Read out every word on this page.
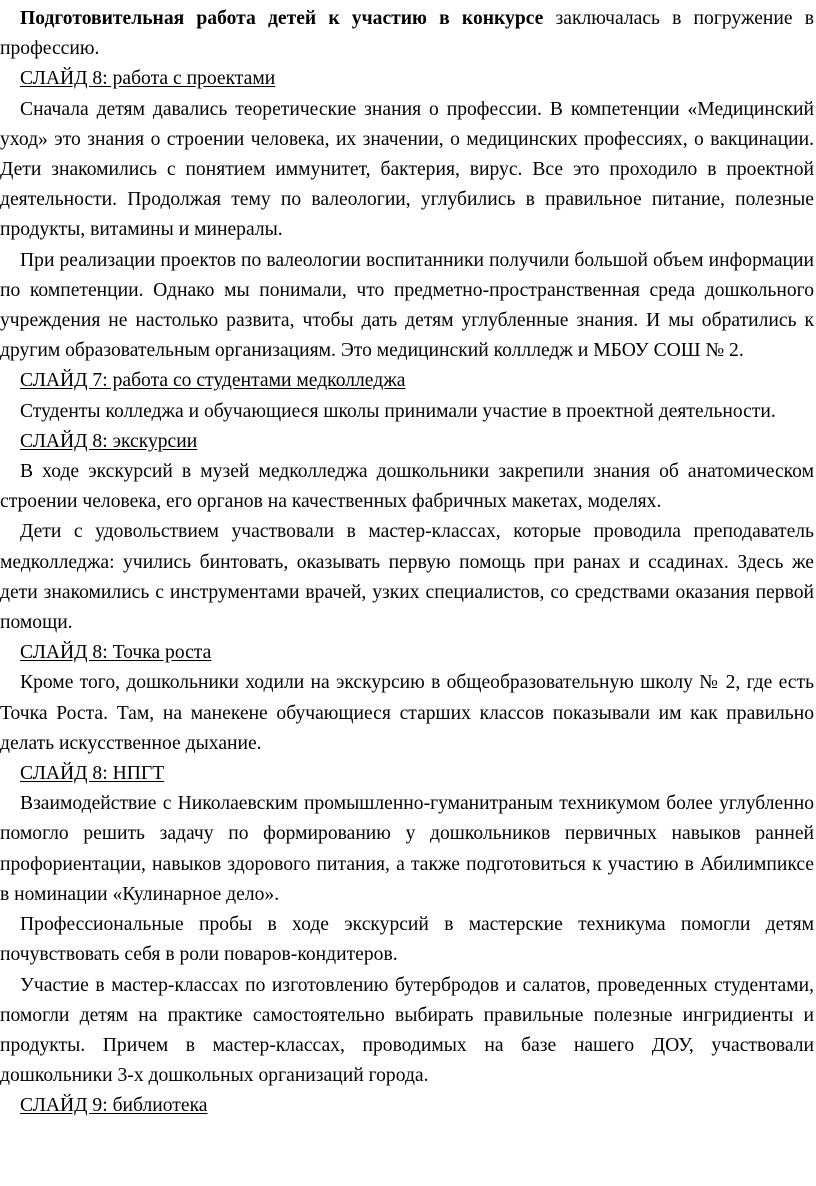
Подготовительная работа детей к участию в конкурсе заключалась в погружение в профессию.

СЛАЙД 8: работа с проектами

Сначала детям давались теоретические знания о профессии. В компетенции «Медицинский уход» это знания о строении человека, их значении, о медицинских профессиях, о вакцинации. Дети знакомились с понятием иммунитет, бактерия, вирус. Все это проходило в проектной деятельности. Продолжая тему по валеологии, углубились в правильное питание, полезные продукты, витамины и минералы.

При реализации проектов по валеологии воспитанники получили большой объем информации по компетенции. Однако мы понимали, что предметно-пространственная среда дошкольного учреждения не настолько развита, чтобы дать детям углубленные знания. И мы обратились к другим образовательным организациям. Это медицинский коллледж и МБОУ СОШ № 2.

СЛАЙД 7: работа со студентами медколледжа

Студенты колледжа и обучающиеся школы принимали участие в проектной деятельности.

СЛАЙД 8: экскурсии

В ходе экскурсий в музей медколледжа дошкольники закрепили знания об анатомическом строении человека, его органов на качественных фабричных макетах, моделях.

Дети с удовольствием участвовали в мастер-классах, которые проводила преподаватель медколледжа: учились бинтовать, оказывать первую помощь при ранах и ссадинах. Здесь же дети знакомились с инструментами врачей, узких специалистов, со средствами оказания первой помощи.

СЛАЙД 8: Точка роста

Кроме того, дошкольники ходили на экскурсию в общеобразовательную школу № 2, где есть Точка Роста. Там, на манекене обучающиеся старших классов показывали им как правильно делать искусственное дыхание.

СЛАЙД 8: НПГТ

Взаимодействие с Николаевским промышленно-гуманитраным техникумом более углубленно помогло решить задачу по формированию у дошкольников первичных навыков ранней профориентации, навыков здорового питания, а также подготовиться к участию в Абилимпиксе в номинации «Кулинарное дело».

Профессиональные пробы в ходе экскурсий в мастерские техникума помогли детям почувствовать себя в роли поваров-кондитеров.

Участие в мастер-классах по изготовлению бутербродов и салатов, проведенных студентами, помогли детям на практике самостоятельно выбирать правильные полезные ингридиенты и продукты. Причем в мастер-классах, проводимых на базе нашего ДОУ, участвовали дошкольники 3-х дошкольных организаций города.

СЛАЙД 9: библиотека
